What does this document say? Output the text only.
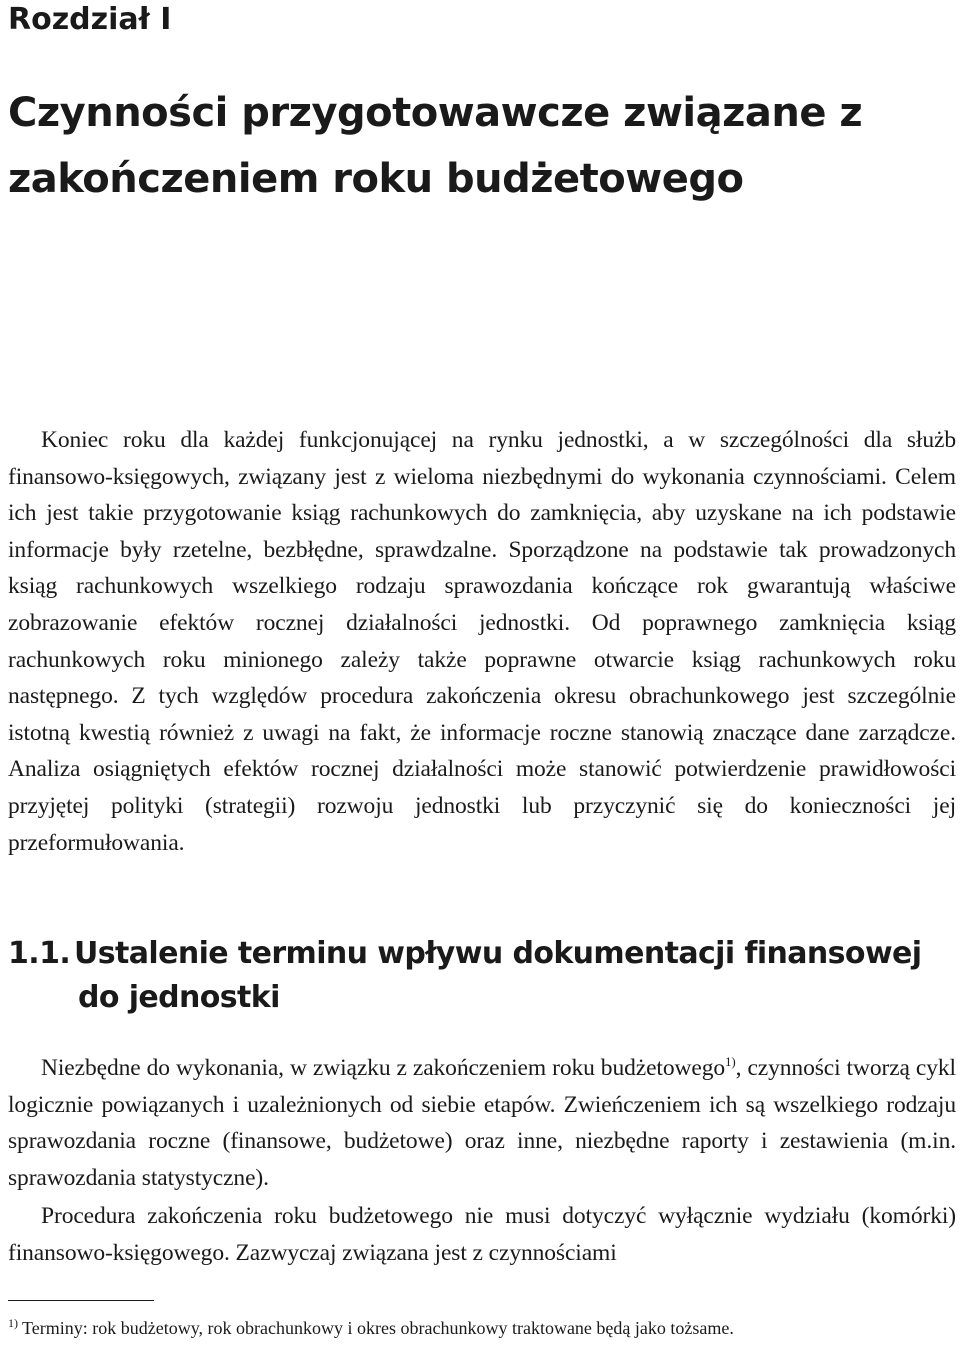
Rozdział I
Czynności przygotowawcze związane z zakończeniem roku budżetowego

Koniec roku dla każdej funkcjonującej na rynku jednostki, a w szczególności dla służb finansowo-księgowych, związany jest z wieloma niezbędnymi do wykonania czynnościami. Celem ich jest takie przygotowanie ksiąg rachunkowych do zamknięcia, aby uzyskane na ich podstawie informacje były rzetelne, bezbłędne, sprawdzalne. Sporządzone na podstawie tak prowadzonych ksiąg rachunkowych wszelkiego rodzaju sprawozdania kończące rok gwarantują właściwe zobrazowanie efektów rocznej działalności jednostki. Od poprawnego zamknięcia ksiąg rachunkowych roku minionego zależy także poprawne otwarcie ksiąg rachunkowych roku następnego. Z tych względów procedura zakończenia okresu obrachunkowego jest szczególnie istotną kwestią również z uwagi na fakt, że informacje roczne stanowią znaczące dane zarządcze. Analiza osiągniętych efektów rocznej działalności może stanowić potwierdzenie prawidłowości przyjętej polityki (strategii) rozwoju jednostki lub przyczynić się do konieczności jej przeformułowania.

1.1. Ustalenie terminu wpływu dokumentacji finansowej
do jednostki

Niezbędne do wykonania, w związku z zakończeniem roku budżetowego$^{1)}$, czynności tworzą cykl logicznie powiązanych i uzależnionych od siebie etapów. Zwieńczeniem ich są wszelkiego rodzaju sprawozdania roczne (finansowe, budżetowe) oraz inne, niezbędne raporty i zestawienia (m.in. sprawozdania statystyczne).

Procedura zakończenia roku budżetowego nie musi dotyczyć wyłącznie wydziału (komórki) finansowo-księgowego. Zazwyczaj związana jest z czynnościami

$^{1)}$ Terminy: rok budżetowy, rok obrachunkowy i okres obrachunkowy traktowane będą jako tożsame.
